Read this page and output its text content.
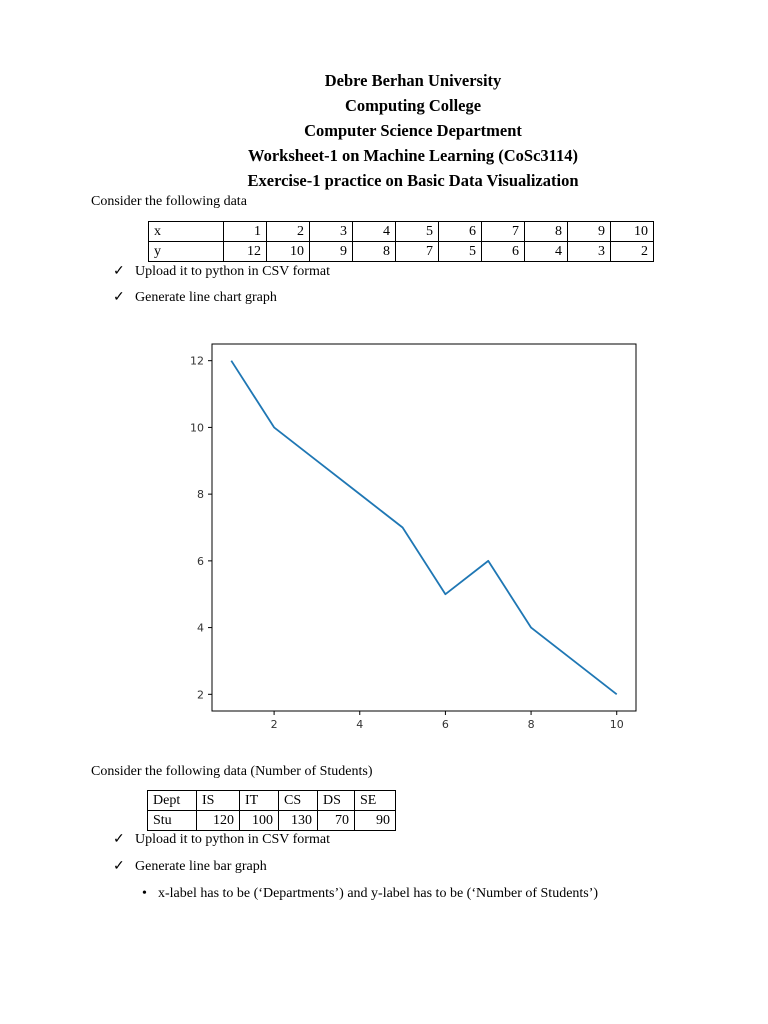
Debre Berhan University
Computing College
Computer Science Department
Worksheet-1 on Machine Learning (CoSc3114)
Exercise-1 practice on Basic Data Visualization
Consider the following data
x	1	2	3	4	5	6	7	8	9	10
y	12	10	9	8	7	5	6	4	3	2
✓ Upload it to python in CSV format
✓ Generate line chart graph
2	4	6	8	10
2
4
6
8
10
12
Consider the following data (Number of Students)
Dept	IS	IT	CS	DS	SE
Stu	120	100	130	70	90
✓ Upload it to python in CSV format
✓ Generate line bar graph
• x-label has to be (‘Departments’) and y-label has to be (‘Number of Students’)
